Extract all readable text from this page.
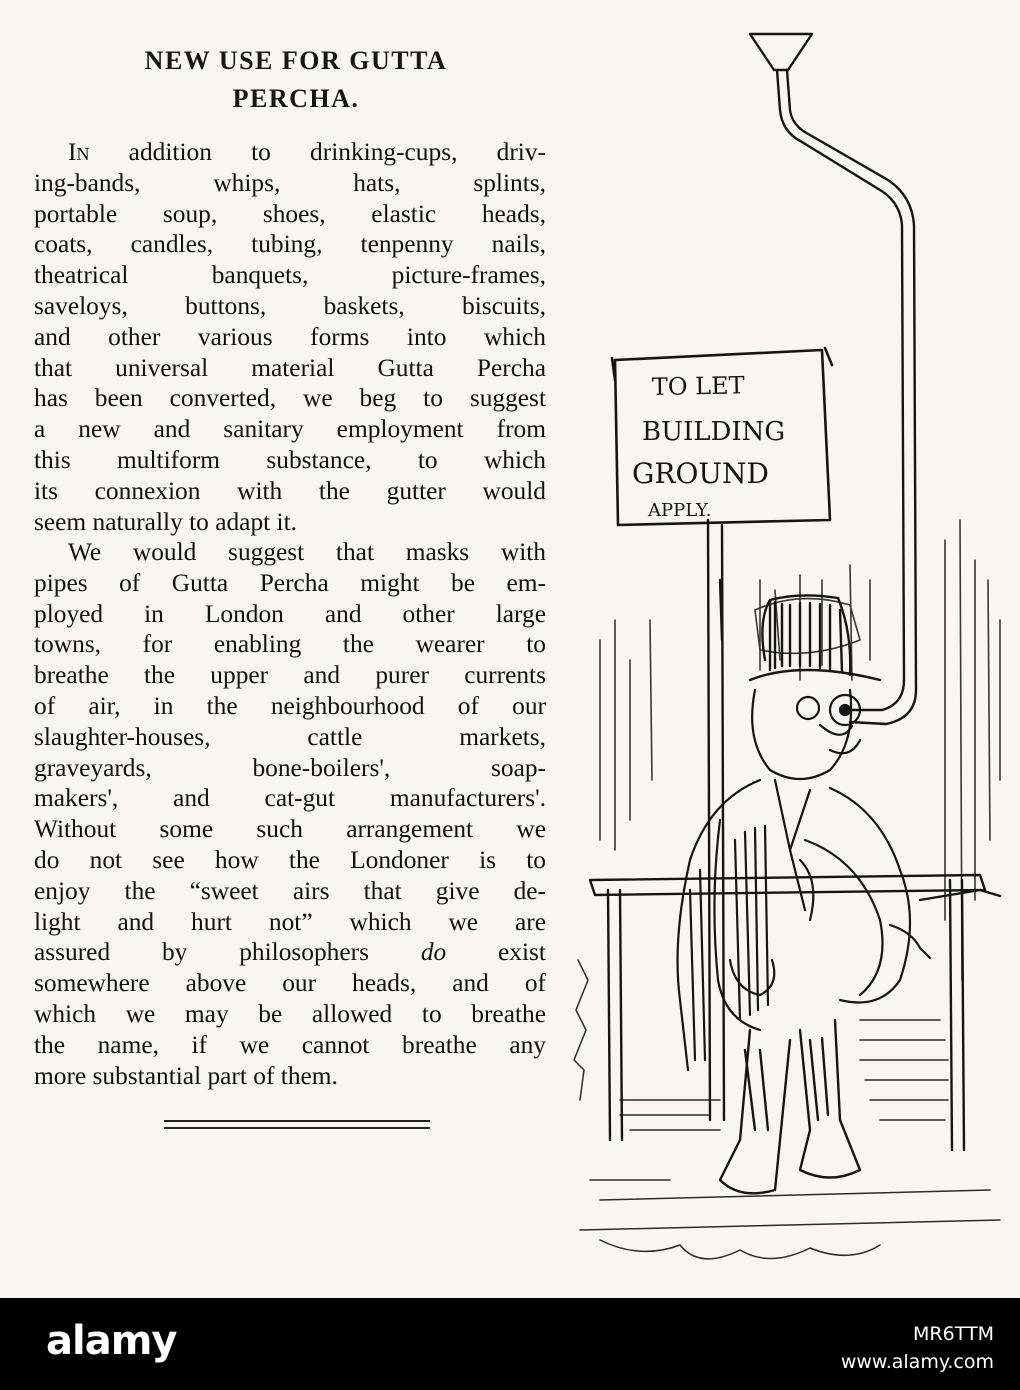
NEW USE FOR GUTTA
PERCHA.
In addition to drinking-cups, driv-
ing-bands, whips, hats, splints,
portable soup, shoes, elastic heads,
coats, candles, tubing, tenpenny nails,
theatrical banquets, picture-frames,
saveloys, buttons, baskets, biscuits,
and other various forms into which
that universal material Gutta Percha
has been converted, we beg to suggest
a new and sanitary employment from
this multiform substance, to which
its connexion with the gutter would
seem naturally to adapt it.
We would suggest that masks with
pipes of Gutta Percha might be em-
ployed in London and other large
towns, for enabling the wearer to
breathe the upper and purer currents
of air, in the neighbourhood of our
slaughter-houses, cattle markets,
graveyards, bone-boilers', soap-
makers', and cat-gut manufacturers'.
Without some such arrangement we
do not see how the Londoner is to
enjoy the “sweet airs that give de-
light and hurt not” which we are
assured by philosophers do exist
somewhere above our heads, and of
which we may be allowed to breathe
the name, if we cannot breathe any
more substantial part of them.
TO LET
BUILDING
GROUND
APPLY.
alamy	MR6TTM
www.alamy.com
